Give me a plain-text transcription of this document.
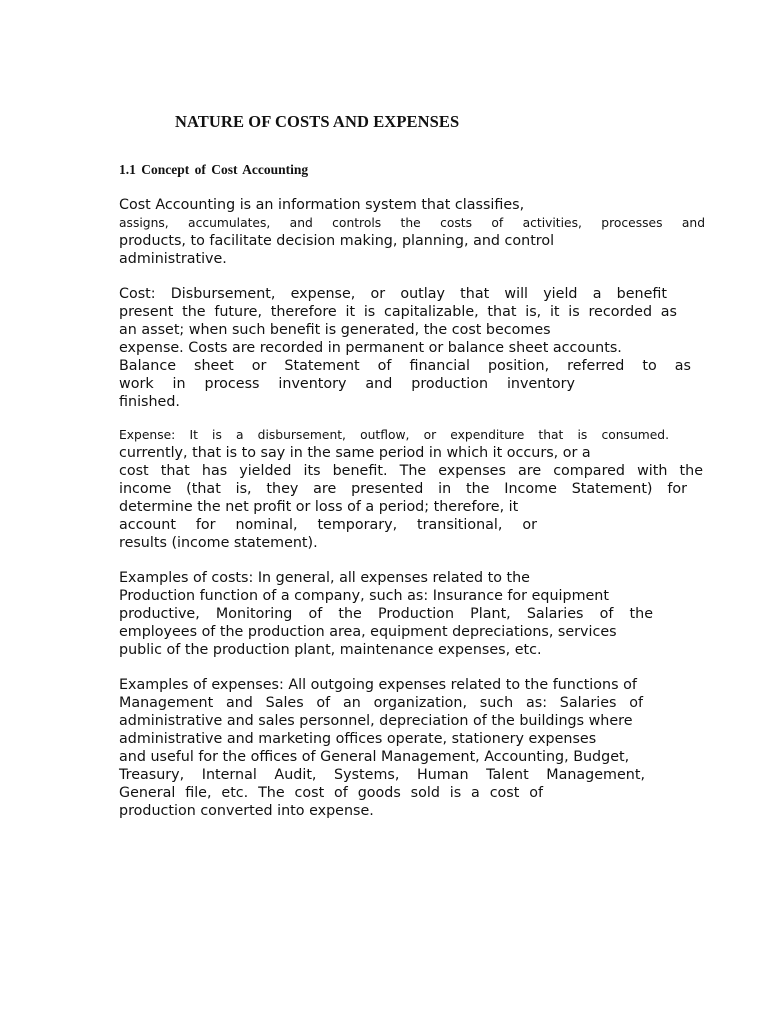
NATURE OF COSTS AND EXPENSES
1.1 Concept of Cost Accounting

Cost Accounting is an information system that classifies,
assigns, accumulates, and controls the costs of activities, processes and
products, to facilitate decision making, planning, and control
administrative.

Cost: Disbursement, expense, or outlay that will yield a benefit
present the future, therefore it is capitalizable, that is, it is recorded as
an asset; when such benefit is generated, the cost becomes
expense. Costs are recorded in permanent or balance sheet accounts.
Balance sheet or Statement of financial position, referred to as
work in process inventory and production inventory
finished.

Expense: It is a disbursement, outflow, or expenditure that is consumed.
currently, that is to say in the same period in which it occurs, or a
cost that has yielded its benefit. The expenses are compared with the
income (that is, they are presented in the Income Statement) for
determine the net profit or loss of a period; therefore, it
account for nominal, temporary, transitional, or
results (income statement).

Examples of costs: In general, all expenses related to the
Production function of a company, such as: Insurance for equipment
productive, Monitoring of the Production Plant, Salaries of the
employees of the production area, equipment depreciations, services
public of the production plant, maintenance expenses, etc.

Examples of expenses: All outgoing expenses related to the functions of
Management and Sales of an organization, such as: Salaries of
administrative and sales personnel, depreciation of the buildings where
administrative and marketing offices operate, stationery expenses
and useful for the offices of General Management, Accounting, Budget,
Treasury, Internal Audit, Systems, Human Talent Management,
General file, etc. The cost of goods sold is a cost of
production converted into expense.
